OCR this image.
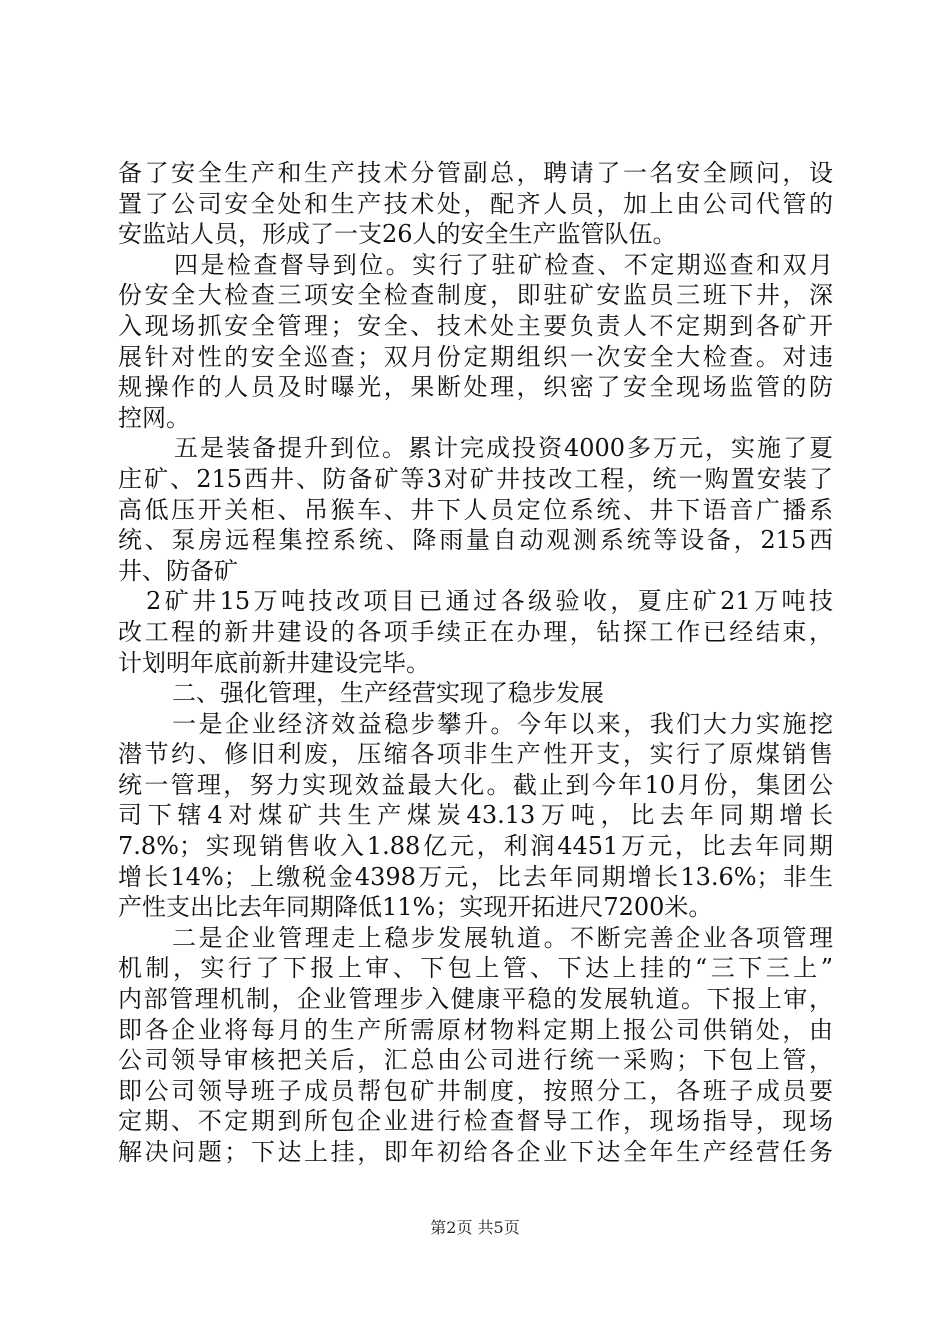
备了安全生产和生产技术分管副总，聘请了一名安全顾问，设
置了公司安全处和生产技术处，配齐人员，加上由公司代管的
安监站人员，形成了一支26人的安全生产监管队伍。
四是检查督导到位。实行了驻矿检查、不定期巡查和双月
份安全大检查三项安全检查制度，即驻矿安监员三班下井，深
入现场抓安全管理；安全、技术处主要负责人不定期到各矿开
展针对性的安全巡查；双月份定期组织一次安全大检查。对违
规操作的人员及时曝光，果断处理，织密了安全现场监管的防
控网。
五是装备提升到位。累计完成投资4000多万元，实施了夏
庄矿、215西井、防备矿等3对矿井技改工程，统一购置安装了
高低压开关柜、吊猴车、井下人员定位系统、井下语音广播系
统、泵房远程集控系统、降雨量自动观测系统等设备，215西
井、防备矿
2矿井15万吨技改项目已通过各级验收，夏庄矿21万吨技
改工程的新井建设的各项手续正在办理，钻探工作已经结束，
计划明年底前新井建设完毕。
二、强化管理，生产经营实现了稳步发展
一是企业经济效益稳步攀升。今年以来，我们大力实施挖
潜节约、修旧利废，压缩各项非生产性开支，实行了原煤销售
统一管理，努力实现效益最大化。截止到今年10月份，集团公
司下辖4对煤矿共生产煤炭43.13万吨，比去年同期增长
7.8%；实现销售收入1.88亿元，利润4451万元，比去年同期
增长14%；上缴税金4398万元，比去年同期增长13.6%；非生
产性支出比去年同期降低11%；实现开拓进尺7200米。
二是企业管理走上稳步发展轨道。不断完善企业各项管理
机制，实行了下报上审、下包上管、下达上挂的“三下三上”
内部管理机制，企业管理步入健康平稳的发展轨道。下报上审，
即各企业将每月的生产所需原材物料定期上报公司供销处，由
公司领导审核把关后，汇总由公司进行统一采购；下包上管，
即公司领导班子成员帮包矿井制度，按照分工，各班子成员要
定期、不定期到所包企业进行检查督导工作，现场指导，现场
解决问题；下达上挂，即年初给各企业下达全年生产经营任务
第2页 共5页
